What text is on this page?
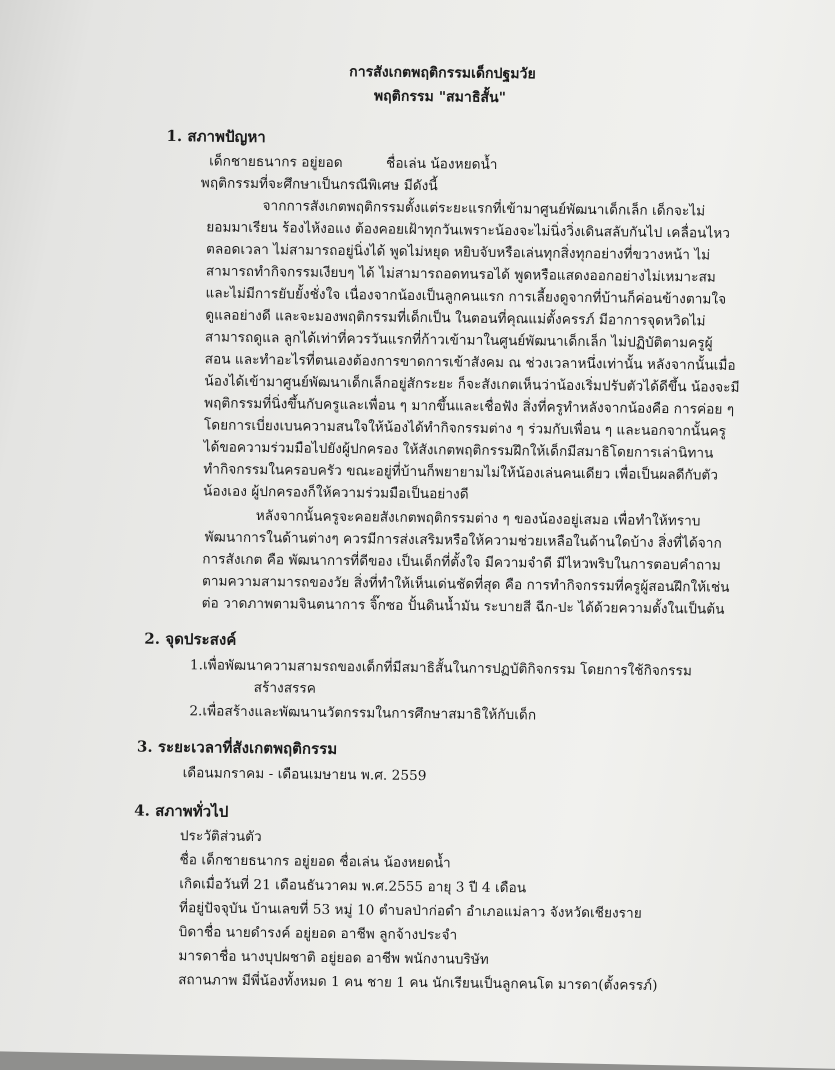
การสังเกตพฤติกรรมเด็กปฐมวัย
พฤติกรรม "สมาธิสั้น"
1. สภาพปัญหา
เด็กชายธนากร อยู่ยอด	ชื่อเล่น น้องหยดน้ำ
พฤติกรรมที่จะศึกษาเป็นกรณีพิเศษ มีดังนี้
จากการสังเกตพฤติกรรมตั้งแต่ระยะแรกที่เข้ามาศูนย์พัฒนาเด็กเล็ก เด็กจะไม่
ยอมมาเรียน ร้องไห้งอแง ต้องคอยเฝ้าทุกวันเพราะน้องจะไม่นิ่งวิ่งเดินสลับกันไป เคลื่อนไหว
ตลอดเวลา ไม่สามารถอยู่นิ่งได้ พูดไม่หยุด หยิบจับหรือเล่นทุกสิ่งทุกอย่างที่ขวางหน้า ไม่
สามารถทำกิจกรรมเงียบๆ ได้ ไม่สามารถอดทนรอได้ พูดหรือแสดงออกอย่างไม่เหมาะสม
และไม่มีการยับยั้งชั่งใจ เนื่องจากน้องเป็นลูกคนแรก การเลี้ยงดูจากที่บ้านก็ค่อนข้างตามใจ
ดูแลอย่างดี และจะมองพฤติกรรมที่เด็กเป็น ในตอนที่คุณแม่ตั้งครรภ์ มีอาการจุดหวิดไม่
สามารถดูแล ลูกได้เท่าที่ควรวันแรกที่ก้าวเข้ามาในศูนย์พัฒนาเด็กเล็ก ไม่ปฏิบัติตามครูผู้
สอน และทำอะไรที่ตนเองต้องการขาดการเข้าสังคม ณ ช่วงเวลาหนึ่งเท่านั้น หลังจากนั้นเมื่อ
น้องได้เข้ามาศูนย์พัฒนาเด็กเล็กอยู่สักระยะ ก็จะสังเกตเห็นว่าน้องเริ่มปรับตัวได้ดีขึ้น น้องจะมี
พฤติกรรมที่นิ่งขึ้นกับครูและเพื่อน ๆ มากขึ้นและเชื่อฟัง สิ่งที่ครูทำหลังจากน้องคือ การค่อย ๆ
โดยการเบี่ยงเบนความสนใจให้น้องได้ทำกิจกรรมต่าง ๆ ร่วมกับเพื่อน ๆ และนอกจากนั้นครู
ได้ขอความร่วมมือไปยังผู้ปกครอง ให้สังเกตพฤติกรรมฝึกให้เด็กมีสมาธิโดยการเล่านิทาน
ทำกิจกรรมในครอบครัว ขณะอยู่ที่บ้านก็พยายามไม่ให้น้องเล่นคนเดียว เพื่อเป็นผลดีกับตัว
น้องเอง ผู้ปกครองก็ให้ความร่วมมือเป็นอย่างดี
หลังจากนั้นครูจะคอยสังเกตพฤติกรรมต่าง ๆ ของน้องอยู่เสมอ เพื่อทำให้ทราบ
พัฒนาการในด้านต่างๆ ควรมีการส่งเสริมหรือให้ความช่วยเหลือในด้านใดบ้าง สิ่งที่ได้จาก
การสังเกต คือ พัฒนาการที่ดีของ เป็นเด็กที่ตั้งใจ มีความจำดี มีไหวพริบในการตอบคำถาม
ตามความสามารถของวัย สิ่งที่ทำให้เห็นเด่นชัดที่สุด คือ การทำกิจกรรมที่ครูผู้สอนฝึกให้เช่น
ต่อ วาดภาพตามจินตนาการ จิ๊กซอ ปั้นดินน้ำมัน ระบายสี ฉีก-ปะ ได้ด้วยความตั้งในเป็นต้น
2. จุดประสงค์
1.เพื่อพัฒนาความสามรถของเด็กที่มีสมาธิสั้นในการปฏบัติกิจกรรม โดยการใช้กิจกรรม
สร้างสรรค
2.เพื่อสร้างและพัฒนานวัตกรรมในการศึกษาสมาธิให้กับเด็ก
3. ระยะเวลาที่สังเกตพฤติกรรม
เดือนมกราคม - เดือนเมษายน พ.ศ. 2559
4. สภาพทั่วไป
ประวัติส่วนตัว
ชื่อ เด็กชายธนากร อยู่ยอด ชื่อเล่น น้องหยดน้ำ
เกิดเมื่อวันที่ 21 เดือนธันวาคม พ.ศ.2555 อายุ 3 ปี 4 เดือน
ที่อยู่ปัจจุบัน บ้านเลขที่ 53 หมู่ 10 ตำบลป่าก่อดำ อำเภอแม่ลาว จังหวัดเชียงราย
บิดาชื่อ นายดำรงค์ อยู่ยอด อาชีพ ลูกจ้างประจำ
มารดาชื่อ นางบุปผชาติ อยู่ยอด อาชีพ พนักงานบริษัท
สถานภาพ มีพี่น้องทั้งหมด 1 คน ชาย 1 คน นักเรียนเป็นลูกคนโต มารดา(ตั้งครรภ์)
